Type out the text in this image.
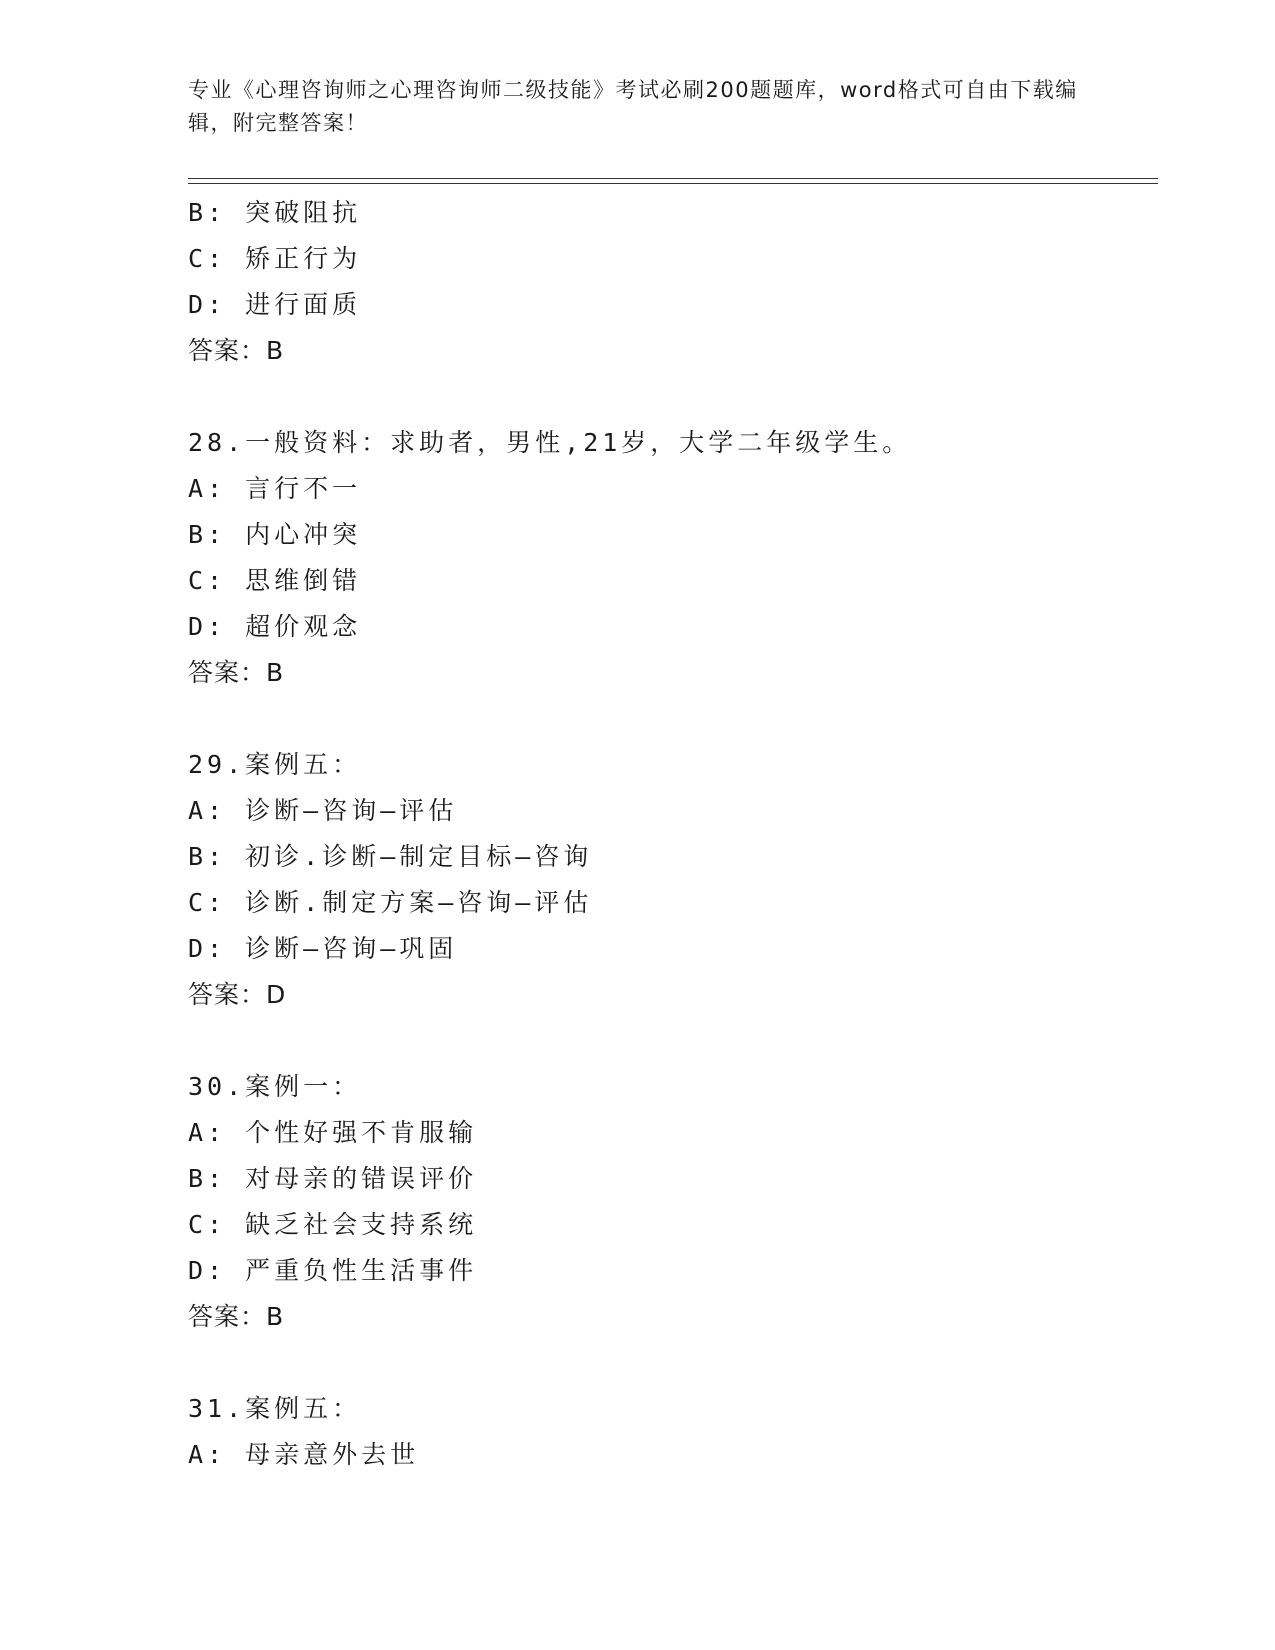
专业《心理咨询师之心理咨询师二级技能》考试必刷200题题库，word格式可自由下载编辑，附完整答案！
B: 突破阻抗
C: 矫正行为
D: 进行面质
答案：B
28.一般资料：求助者，男性,21岁，大学二年级学生。
A: 言行不一
B: 内心冲突
C: 思维倒错
D: 超价观念
答案：B
29.案例五：
A: 诊断—咨询—评估
B: 初诊.诊断—制定目标—咨询
C: 诊断.制定方案—咨询—评估
D: 诊断—咨询—巩固
答案：D
30.案例一：
A: 个性好强不肯服输
B: 对母亲的错误评价
C: 缺乏社会支持系统
D: 严重负性生活事件
答案：B
31.案例五：
A: 母亲意外去世
